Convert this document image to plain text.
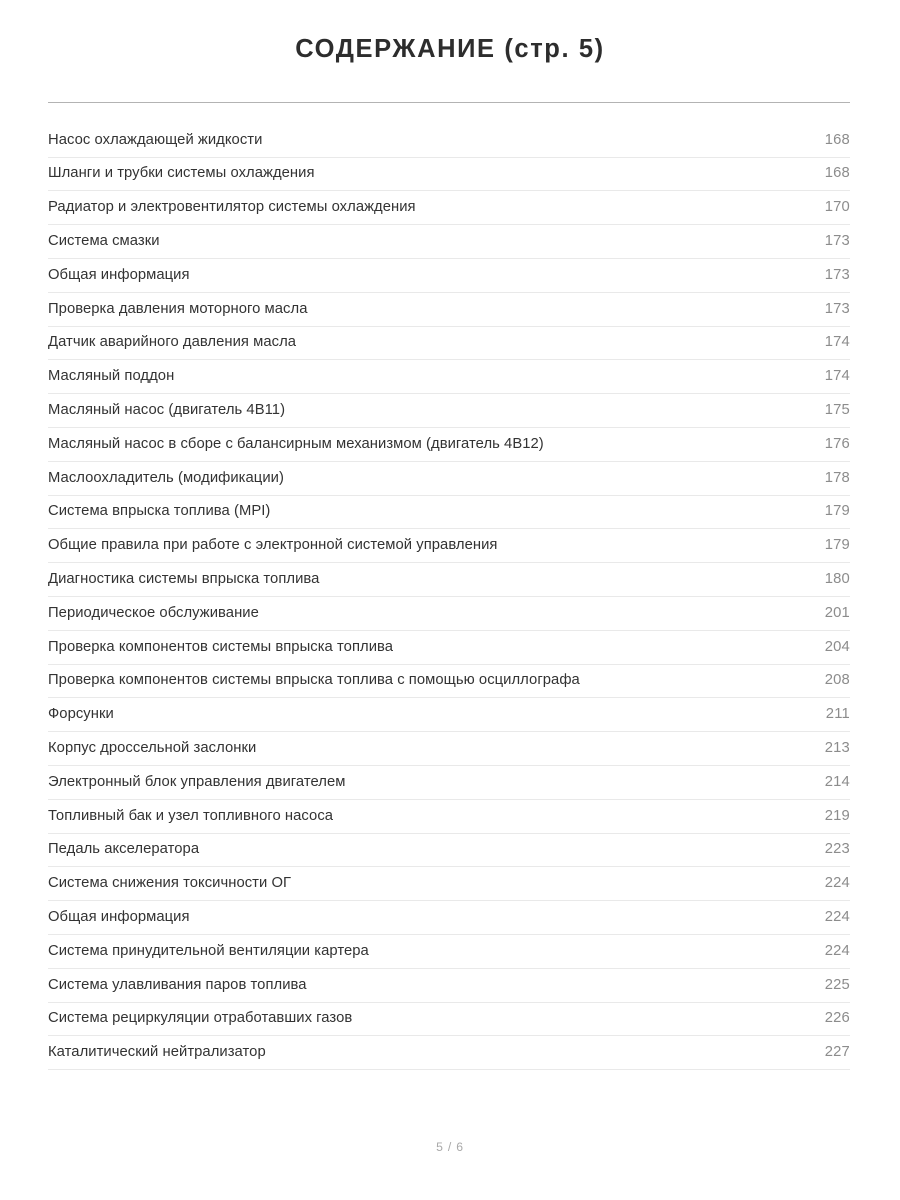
СОДЕРЖАНИЕ (стр. 5)
Насос охлаждающей жидкости	168
Шланги и трубки системы охлаждения	168
Радиатор и электровентилятор системы охлаждения	170
Система смазки	173
Общая информация	173
Проверка давления моторного масла	173
Датчик аварийного давления масла	174
Масляный поддон	174
Масляный насос (двигатель 4B11)	175
Масляный насос в сборе с балансирным механизмом (двигатель 4B12)	176
Маслоохладитель (модификации)	178
Система впрыска топлива (MPI)	179
Общие правила при работе с электронной системой управления	179
Диагностика системы впрыска топлива	180
Периодическое обслуживание	201
Проверка компонентов системы впрыска топлива	204
Проверка компонентов системы впрыска топлива с помощью осциллографа	208
Форсунки	211
Корпус дроссельной заслонки	213
Электронный блок управления двигателем	214
Топливный бак и узел топливного насоса	219
Педаль акселератора	223
Система снижения токсичности ОГ	224
Общая информация	224
Система принудительной вентиляции картера	224
Система улавливания паров топлива	225
Система рециркуляции отработавших газов	226
Каталитический нейтрализатор	227
5 / 6
